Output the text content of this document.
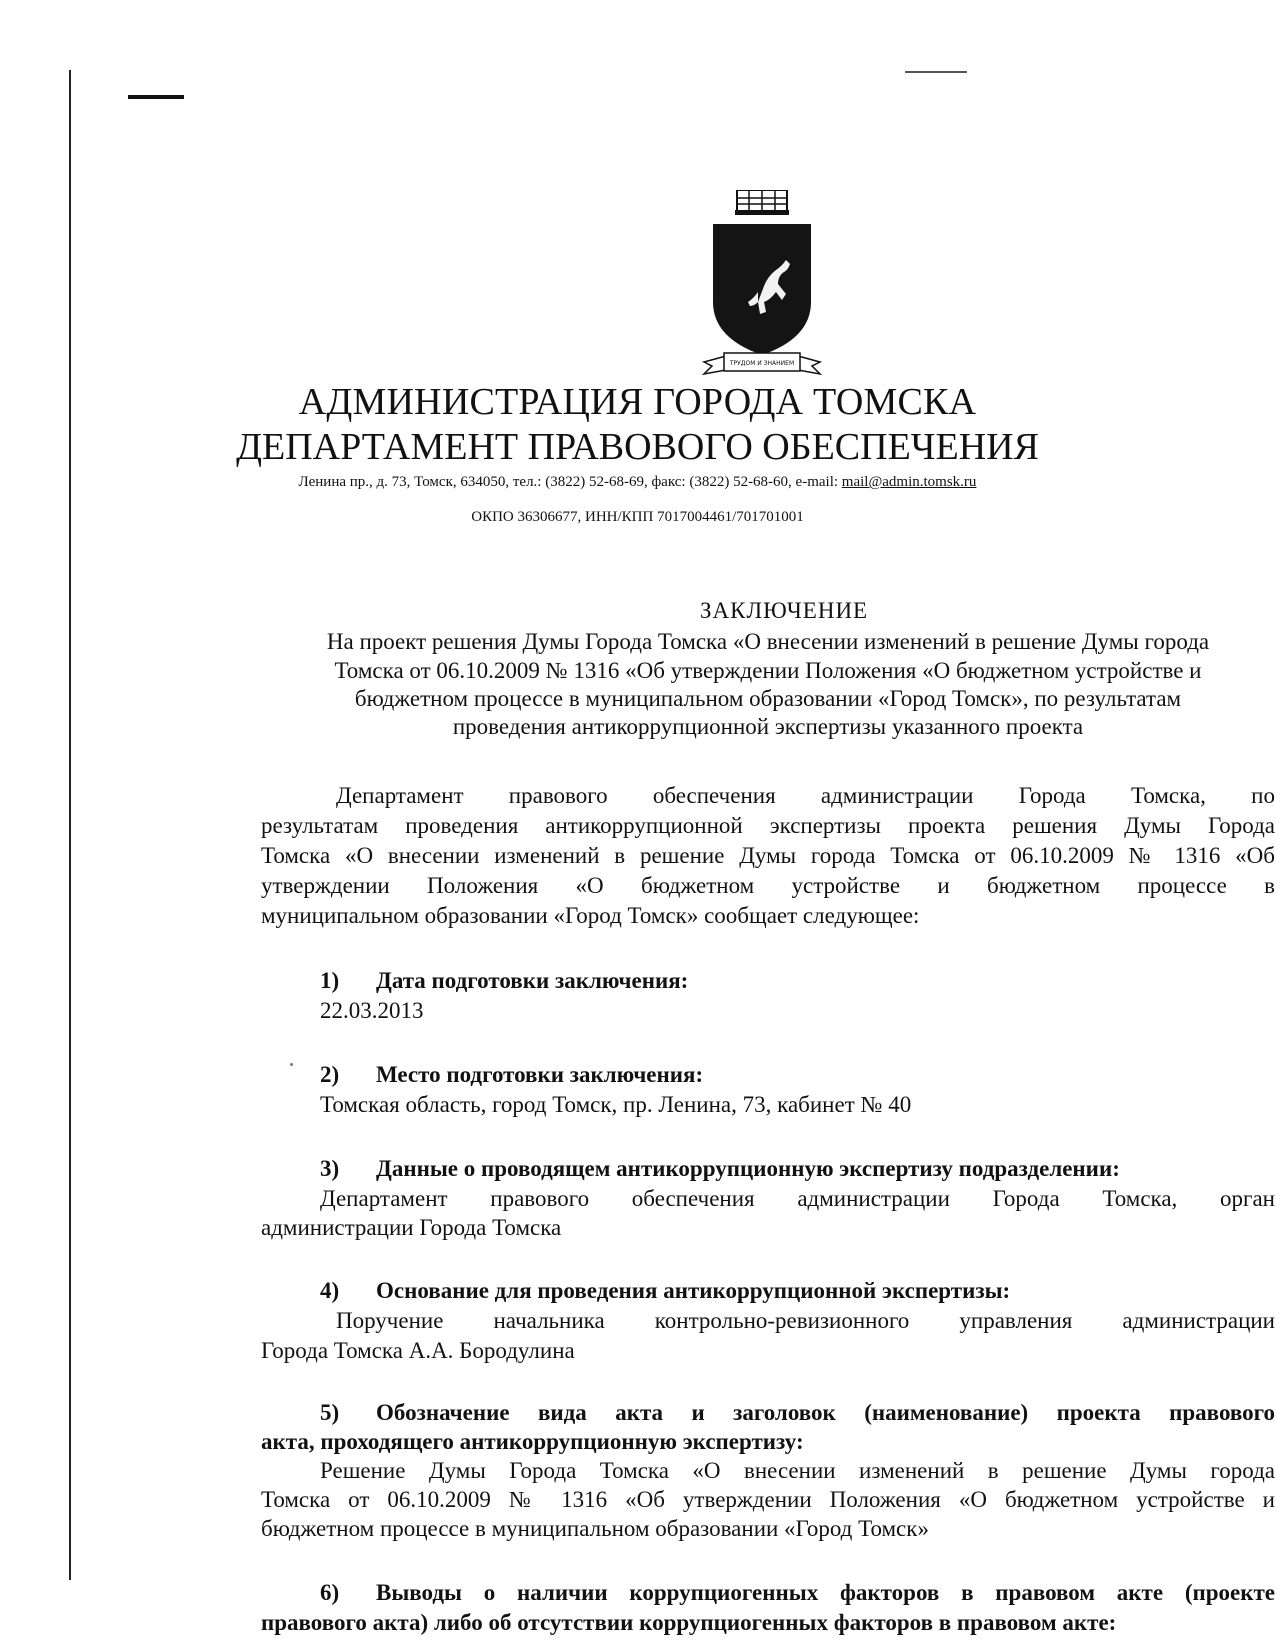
ТРУДОМ И ЗНАНИЕМ
АДМИНИСТРАЦИЯ ГОРОДА ТОМСКА
ДЕПАРТАМЕНТ ПРАВОВОГО ОБЕСПЕЧЕНИЯ
Ленина пр., д. 73, Томск, 634050, тел.: (3822) 52-68-69, факс: (3822) 52-68-60, e-mail: mail@admin.tomsk.ru
ОКПО 36306677, ИНН/КПП 7017004461/701701001
ЗАКЛЮЧЕНИЕ
На проект решения Думы Города Томска «О внесении изменений в решение Думы города
Томска от 06.10.2009 № 1316 «Об утверждении Положения «О бюджетном устройстве и
бюджетном процессе в муниципальном образовании «Город Томск», по результатам
проведения антикоррупционной экспертизы указанного проекта
Департамент правового обеспечения администрации Города Томска, по
результатам проведения антикоррупционной экспертизы проекта решения Думы Города
Томска «О внесении изменений в решение Думы города Томска от 06.10.2009 № 1316 «Об
утверждении Положения «О бюджетном устройстве и бюджетном процессе в
муниципальном образовании «Город Томск» сообщает следующее:
1) Дата подготовки заключения:
22.03.2013
2) Место подготовки заключения:
Томская область, город Томск, пр. Ленина, 73, кабинет № 40
3) Данные о проводящем антикоррупционную экспертизу подразделении:
Департамент правового обеспечения администрации Города Томска, орган
администрации Города Томска
4) Основание для проведения антикоррупционной экспертизы:
Поручение начальника контрольно-ревизионного управления администрации
Города Томска А.А. Бородулина
5) Обозначение вида акта и заголовок (наименование) проекта правового
акта, проходящего антикоррупционную экспертизу:
Решение Думы Города Томска «О внесении изменений в решение Думы города
Томска от 06.10.2009 № 1316 «Об утверждении Положения «О бюджетном устройстве и
бюджетном процессе в муниципальном образовании «Город Томск»
6) Выводы о наличии коррупциогенных факторов в правовом акте (проекте
правового акта) либо об отсутствии коррупциогенных факторов в правовом акте:
